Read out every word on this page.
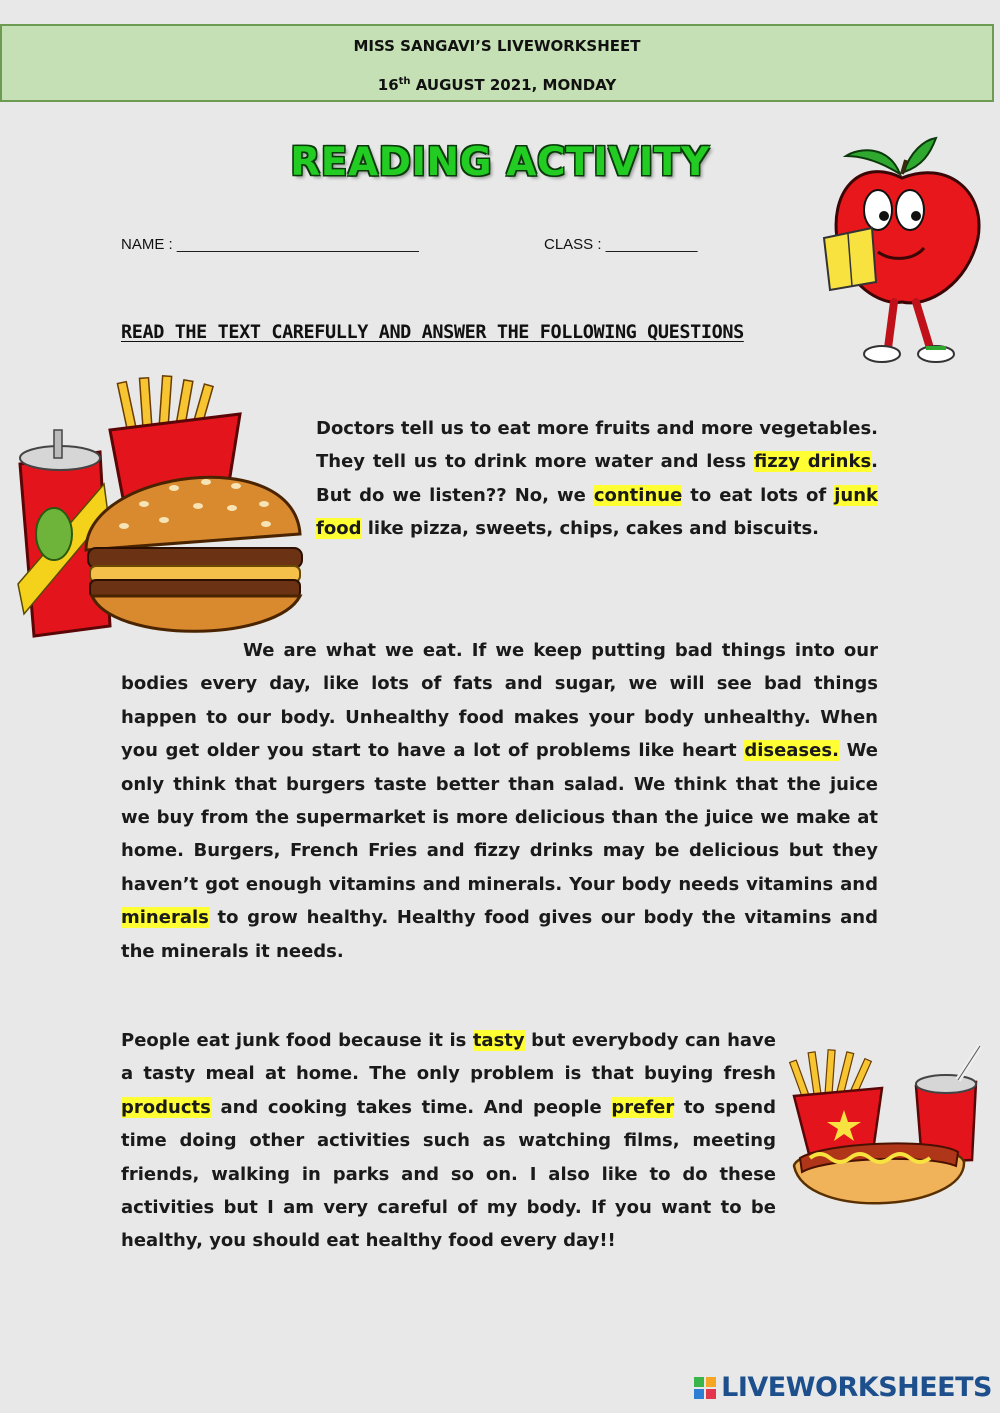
MISS SANGAVI’S LIVEWORKSHEET
16th AUGUST 2021, MONDAY
READING ACTIVITY
NAME : _____________________________	CLASS : ___________
READ THE TEXT CAREFULLY AND ANSWER THE FOLLOWING QUESTIONS

Doctors tell us to eat more fruits and more vegetables. They tell us to drink more water and less fizzy drinks. But do we listen?? No, we continue to eat lots of junk food like pizza, sweets, chips, cakes and biscuits.

We are what we eat. If we keep putting bad things into our bodies every day, like lots of fats and sugar, we will see bad things happen to our body. Unhealthy food makes your body unhealthy. When you get older you start to have a lot of problems like heart diseases. We only think that burgers taste better than salad. We think that the juice we buy from the supermarket is more delicious than the juice we make at home. Burgers, French Fries and fizzy drinks may be delicious but they haven’t got enough vitamins and minerals. Your body needs vitamins and minerals to grow healthy. Healthy food gives our body the vitamins and the minerals it needs.

People eat junk food because it is tasty but everybody can have a tasty meal at home. The only problem is that buying fresh products and cooking takes time. And people prefer to spend time doing other activities such as watching films, meeting friends, walking in parks and so on. I also like to do these activities but I am very careful of my body. If you want to be healthy, you should eat healthy food every day!!

LIVEWORKSHEETS
